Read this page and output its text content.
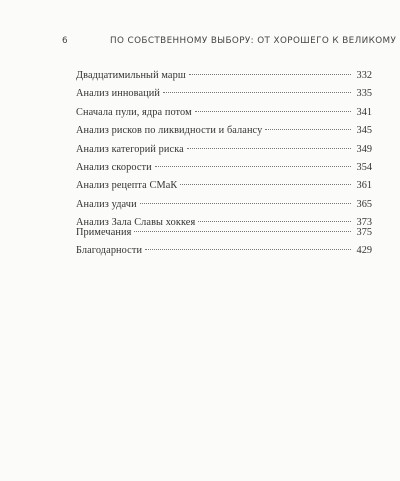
6	ПО СОБСТВЕННОМУ ВЫБОРУ: ОТ ХОРОШЕГО К ВЕЛИКОМУ
Двадцатимильный марш	332
Анализ инноваций	335
Сначала пули, ядра потом	341
Анализ рисков по ликвидности и балансу	345
Анализ категорий риска	349
Анализ скорости	354
Анализ рецепта СМаК	361
Анализ удачи	365
Анализ Зала Славы хоккея	373
Примечания	375
Благодарности	429
